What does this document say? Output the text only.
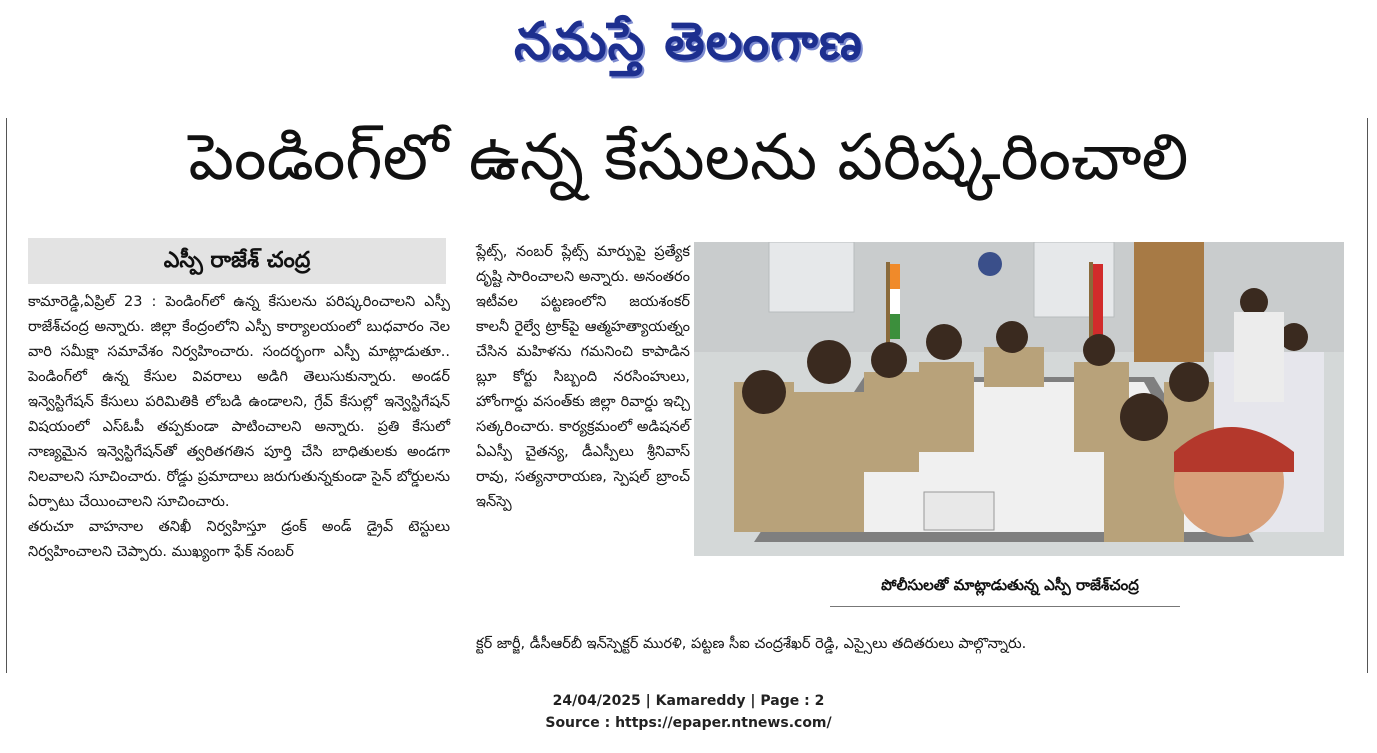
నమస్తే తెలంగాణ
పెండింగ్‌లో ఉన్న కేసులను పరిష్కరించాలి
ఎస్పీ రాజేశ్ చంద్ర

కామారెడ్డి,ఏప్రిల్ 23 : పెండింగ్‌లో ఉన్న కేసులను పరిష్కరించాలని ఎస్పీ రాజేశ్‌చంద్ర అన్నారు. జిల్లా కేంద్రంలోని ఎస్పీ కార్యాలయంలో బుధవారం నెల వారి సమీక్షా సమావేశం నిర్వహించారు. సందర్భంగా ఎస్పీ మాట్లాడుతూ.. పెండింగ్‌లో ఉన్న కేసుల వివరాలు అడిగి తెలుసుకున్నారు. అండర్ ఇన్వెస్టిగేషన్ కేసులు పరిమితికి లోబడి ఉండాలని, గ్రేవ్ కేసుల్లో ఇన్వెస్టిగేషన్ విషయంలో ఎస్‌ఓపీ తప్పకుండా పాటించాలని అన్నారు. ప్రతి కేసులో నాణ్యమైన ఇన్వెస్టిగేషన్‌తో త్వరితగతిన పూర్తి చేసి బాధితులకు అండగా నిలవాలని సూచించారు. రోడ్డు ప్రమాదాలు జరుగుతున్నకుండా సైన్ బోర్డులను ఏర్పాటు చేయించాలని సూచించారు.

తరుచూ వాహనాల తనిఖీ నిర్వహిస్తూ డ్రంక్ అండ్ డ్రైవ్ టెస్టులు నిర్వహించాలని చెప్పారు. ముఖ్యంగా ఫేక్ నంబర్

ప్లేట్స్, నంబర్ ప్లేట్స్ మార్పుపై ప్రత్యేక దృష్టి సారించాలని అన్నారు. అనంతరం ఇటీవల పట్టణంలోని జయశంకర్ కాలనీ రైల్వే ట్రాక్‌పై ఆత్మహత్యాయత్నం చేసిన మహిళను గమనించి కాపాడిన బ్లూ కోర్టు సిబ్బంది నరసింహులు, హోంగార్డు వసంత్‌కు జిల్లా రివార్డు ఇచ్చి సత్కరించారు. కార్యక్రమంలో అడిషనల్ ఏఎస్పీ చైతన్య, డీఎస్పీలు శ్రీనివాస్ రావు, సత్యనారాయణ, స్పెషల్ బ్రాంచ్ ఇన్‌స్పె

క్టర్ జార్జీ, డీసీఆర్‌బీ ఇన్‌స్పెక్టర్ మురళి, పట్టణ సీఐ చంద్రశేఖర్ రెడ్డి, ఎస్సైలు తదితరులు పాల్గొన్నారు.
పోలీసులతో మాట్లాడుతున్న ఎస్పీ రాజేశ్‌చంద్ర
24/04/2025 | Kamareddy | Page : 2
Source : https://epaper.ntnews.com/
